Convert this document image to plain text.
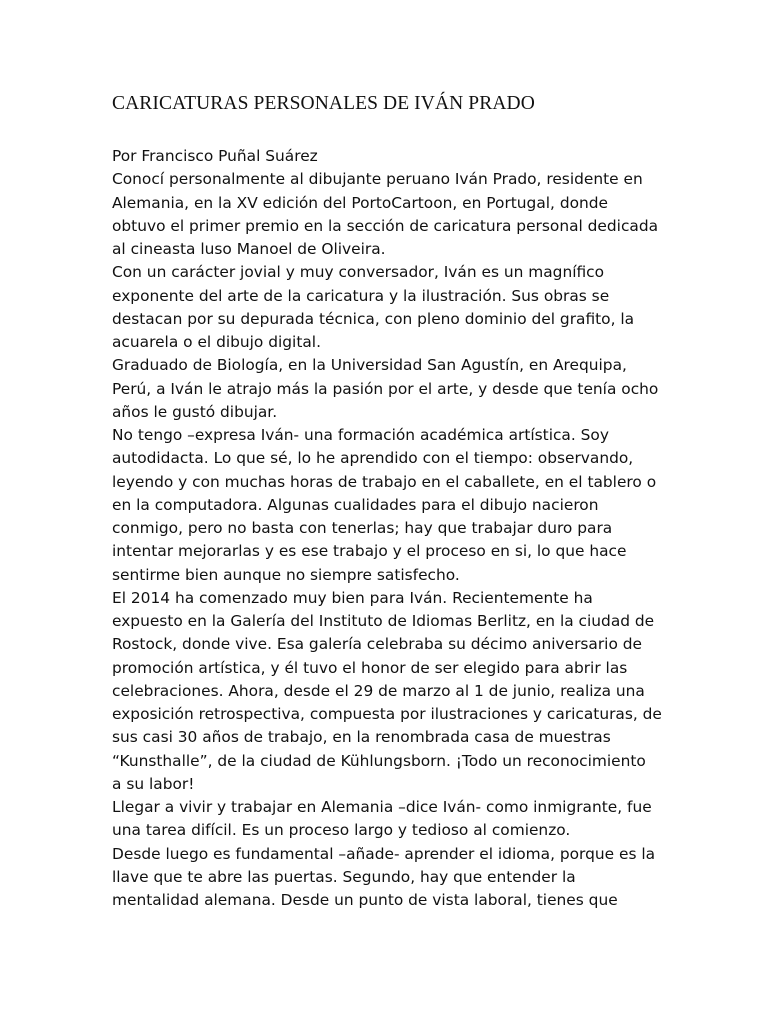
CARICATURAS PERSONALES DE IVÁN PRADO
Por Francisco Puñal Suárez
Conocí personalmente al dibujante peruano Iván Prado, residente en
Alemania, en la XV edición del PortoCartoon, en Portugal, donde
obtuvo el primer premio en la sección de caricatura personal dedicada
al cineasta luso Manoel de Oliveira.
Con un carácter jovial y muy conversador, Iván es un magnífico
exponente del arte de la caricatura y la ilustración. Sus obras se
destacan por su depurada técnica, con pleno dominio del grafito, la
acuarela o el dibujo digital.
Graduado de Biología, en la Universidad San Agustín, en Arequipa,
Perú, a Iván le atrajo más la pasión por el arte, y desde que tenía ocho
años le gustó dibujar.
No tengo –expresa Iván- una formación académica artística. Soy
autodidacta. Lo que sé, lo he aprendido con el tiempo: observando,
leyendo y con muchas horas de trabajo en el caballete, en el tablero o
en la computadora. Algunas cualidades para el dibujo nacieron
conmigo, pero no basta con tenerlas; hay que trabajar duro para
intentar mejorarlas y es ese trabajo y el proceso en si, lo que hace
sentirme bien aunque no siempre satisfecho.
El 2014 ha comenzado muy bien para Iván. Recientemente ha
expuesto en la Galería del Instituto de Idiomas Berlitz, en la ciudad de
Rostock, donde vive. Esa galería celebraba su décimo aniversario de
promoción artística, y él tuvo el honor de ser elegido para abrir las
celebraciones. Ahora, desde el 29 de marzo al 1 de junio, realiza una
exposición retrospectiva, compuesta por ilustraciones y caricaturas, de
sus casi 30 años de trabajo, en la renombrada casa de muestras
“Kunsthalle”, de la ciudad de Kühlungsborn. ¡Todo un reconocimiento
a su labor!
Llegar a vivir y trabajar en Alemania –dice Iván- como inmigrante, fue
una tarea difícil. Es un proceso largo y tedioso al comienzo.
Desde luego es fundamental –añade- aprender el idioma, porque es la
llave que te abre las puertas. Segundo, hay que entender la
mentalidad alemana. Desde un punto de vista laboral, tienes que
